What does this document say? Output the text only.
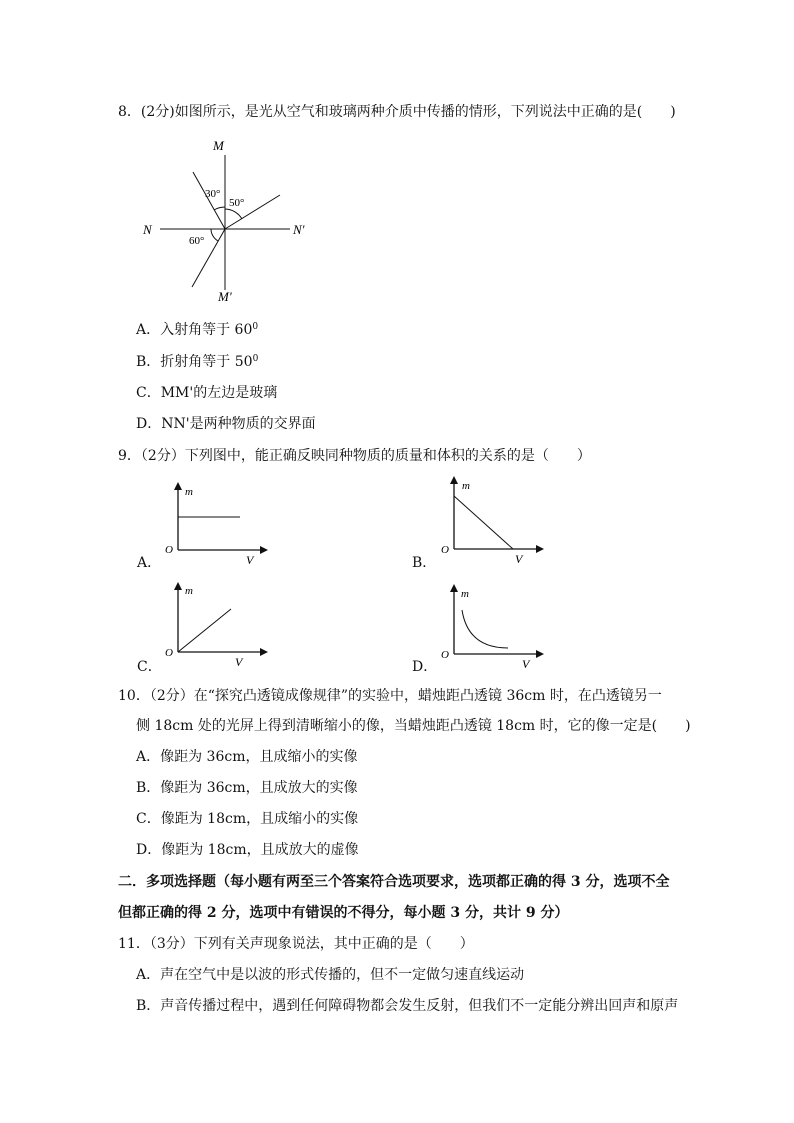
8．(2分)如图所示，是光从空气和玻璃两种介质中传播的情形，下列说法中正确的是(　　)
M
N	N'
M'
30°
50°
60°
A．入射角等于 $60^0$
B．折射角等于 $50^0$
C．MM'的左边是玻璃
D．NN'是两种物质的交界面
9．（2分）下列图中，能正确反映同种物质的质量和体积的关系的是（　　）
A．
m
V
O
B．
m
V
O
C．
m
V
O
D．
m
V
O
10．（2分）在“探究凸透镜成像规律”的实验中，蜡烛距凸透镜 36cm 时，在凸透镜另一
侧 18cm 处的光屏上得到清晰缩小的像，当蜡烛距凸透镜 18cm 时，它的像一定是(　　)
A．像距为 36cm，且成缩小的实像
B．像距为 36cm，且成放大的实像
C．像距为 18cm，且成缩小的实像
D．像距为 18cm，且成放大的虚像
二．多项选择题（每小题有两至三个答案符合选项要求，选项都正确的得 3 分，选项不全
但都正确的得 2 分，选项中有错误的不得分，每小题 3 分，共计 9 分）
11．（3分）下列有关声现象说法，其中正确的是（　　）
A．声在空气中是以波的形式传播的，但不一定做匀速直线运动
B．声音传播过程中，遇到任何障碍物都会发生反射，但我们不一定能分辨出回声和原声
